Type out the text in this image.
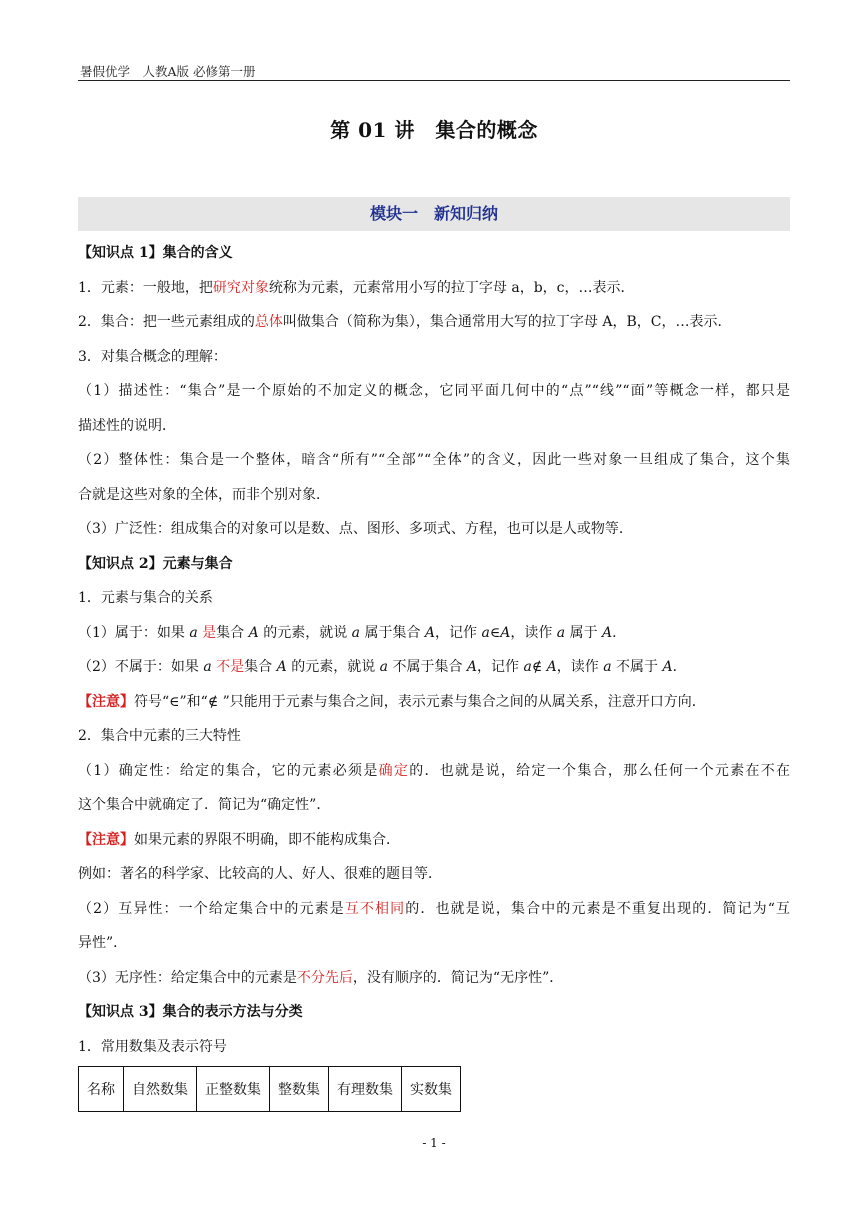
暑假优学　人教A版 必修第一册
第 01 讲　集合的概念
模块一　新知归纳
【知识点 1】集合的含义
1．元素：一般地，把研究对象统称为元素，元素常用小写的拉丁字母 a，b，c，…表示．
2．集合：把一些元素组成的总体叫做集合（简称为集），集合通常用大写的拉丁字母 A，B，C，…表示．
3．对集合概念的理解：
（1）描述性：“集合”是一个原始的不加定义的概念，它同平面几何中的“点”“线”“面”等概念一样，都只是
描述性的说明．
（2）整体性：集合是一个整体，暗含“所有”“全部”“全体”的含义，因此一些对象一旦组成了集合，这个集
合就是这些对象的全体，而非个别对象．
（3）广泛性：组成集合的对象可以是数、点、图形、多项式、方程，也可以是人或物等．
【知识点 2】元素与集合
1．元素与集合的关系
（1）属于：如果 a 是集合 A 的元素，就说 a 属于集合 A，记作 a∈A，读作 a 属于 A．
（2）不属于：如果 a 不是集合 A 的元素，就说 a 不属于集合 A，记作 a∉ A，读作 a 不属于 A．
【注意】符号“∈”和“∉ ”只能用于元素与集合之间，表示元素与集合之间的从属关系，注意开口方向．
2．集合中元素的三大特性
（1）确定性：给定的集合，它的元素必须是确定的．也就是说，给定一个集合，那么任何一个元素在不在
这个集合中就确定了．简记为“确定性”．
【注意】如果元素的界限不明确，即不能构成集合．
例如：著名的科学家、比较高的人、好人、很难的题目等．
（2）互异性：一个给定集合中的元素是互不相同的．也就是说，集合中的元素是不重复出现的．简记为“互
异性”．
（3）无序性：给定集合中的元素是不分先后，没有顺序的．简记为“无序性”．
【知识点 3】集合的表示方法与分类
1．常用数集及表示符号
名称	自然数集	正整数集	整数集	有理数集	实数集
- 1 -
